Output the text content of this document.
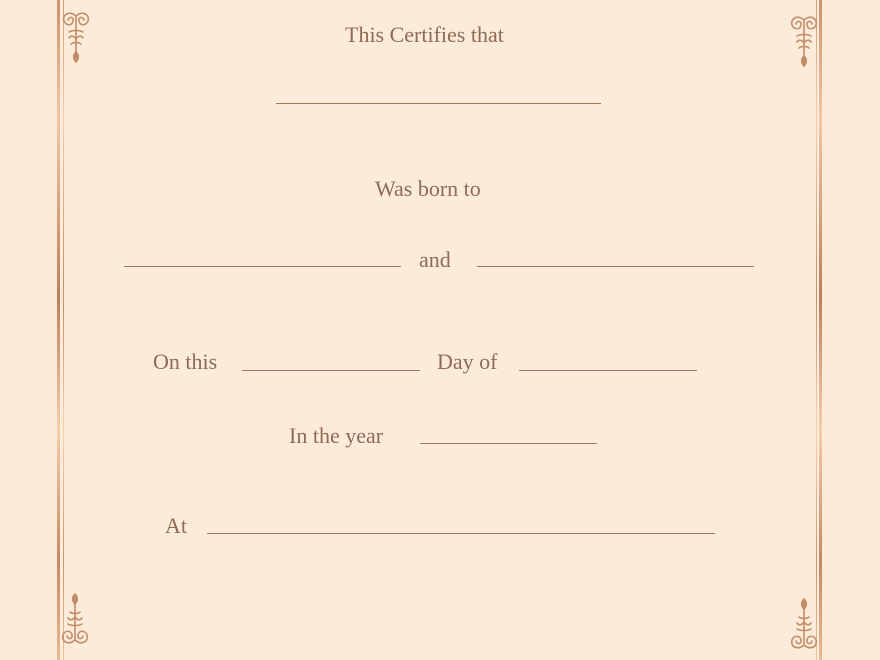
This Certifies that
Was born to
and
On this	Day of
In the year
At
